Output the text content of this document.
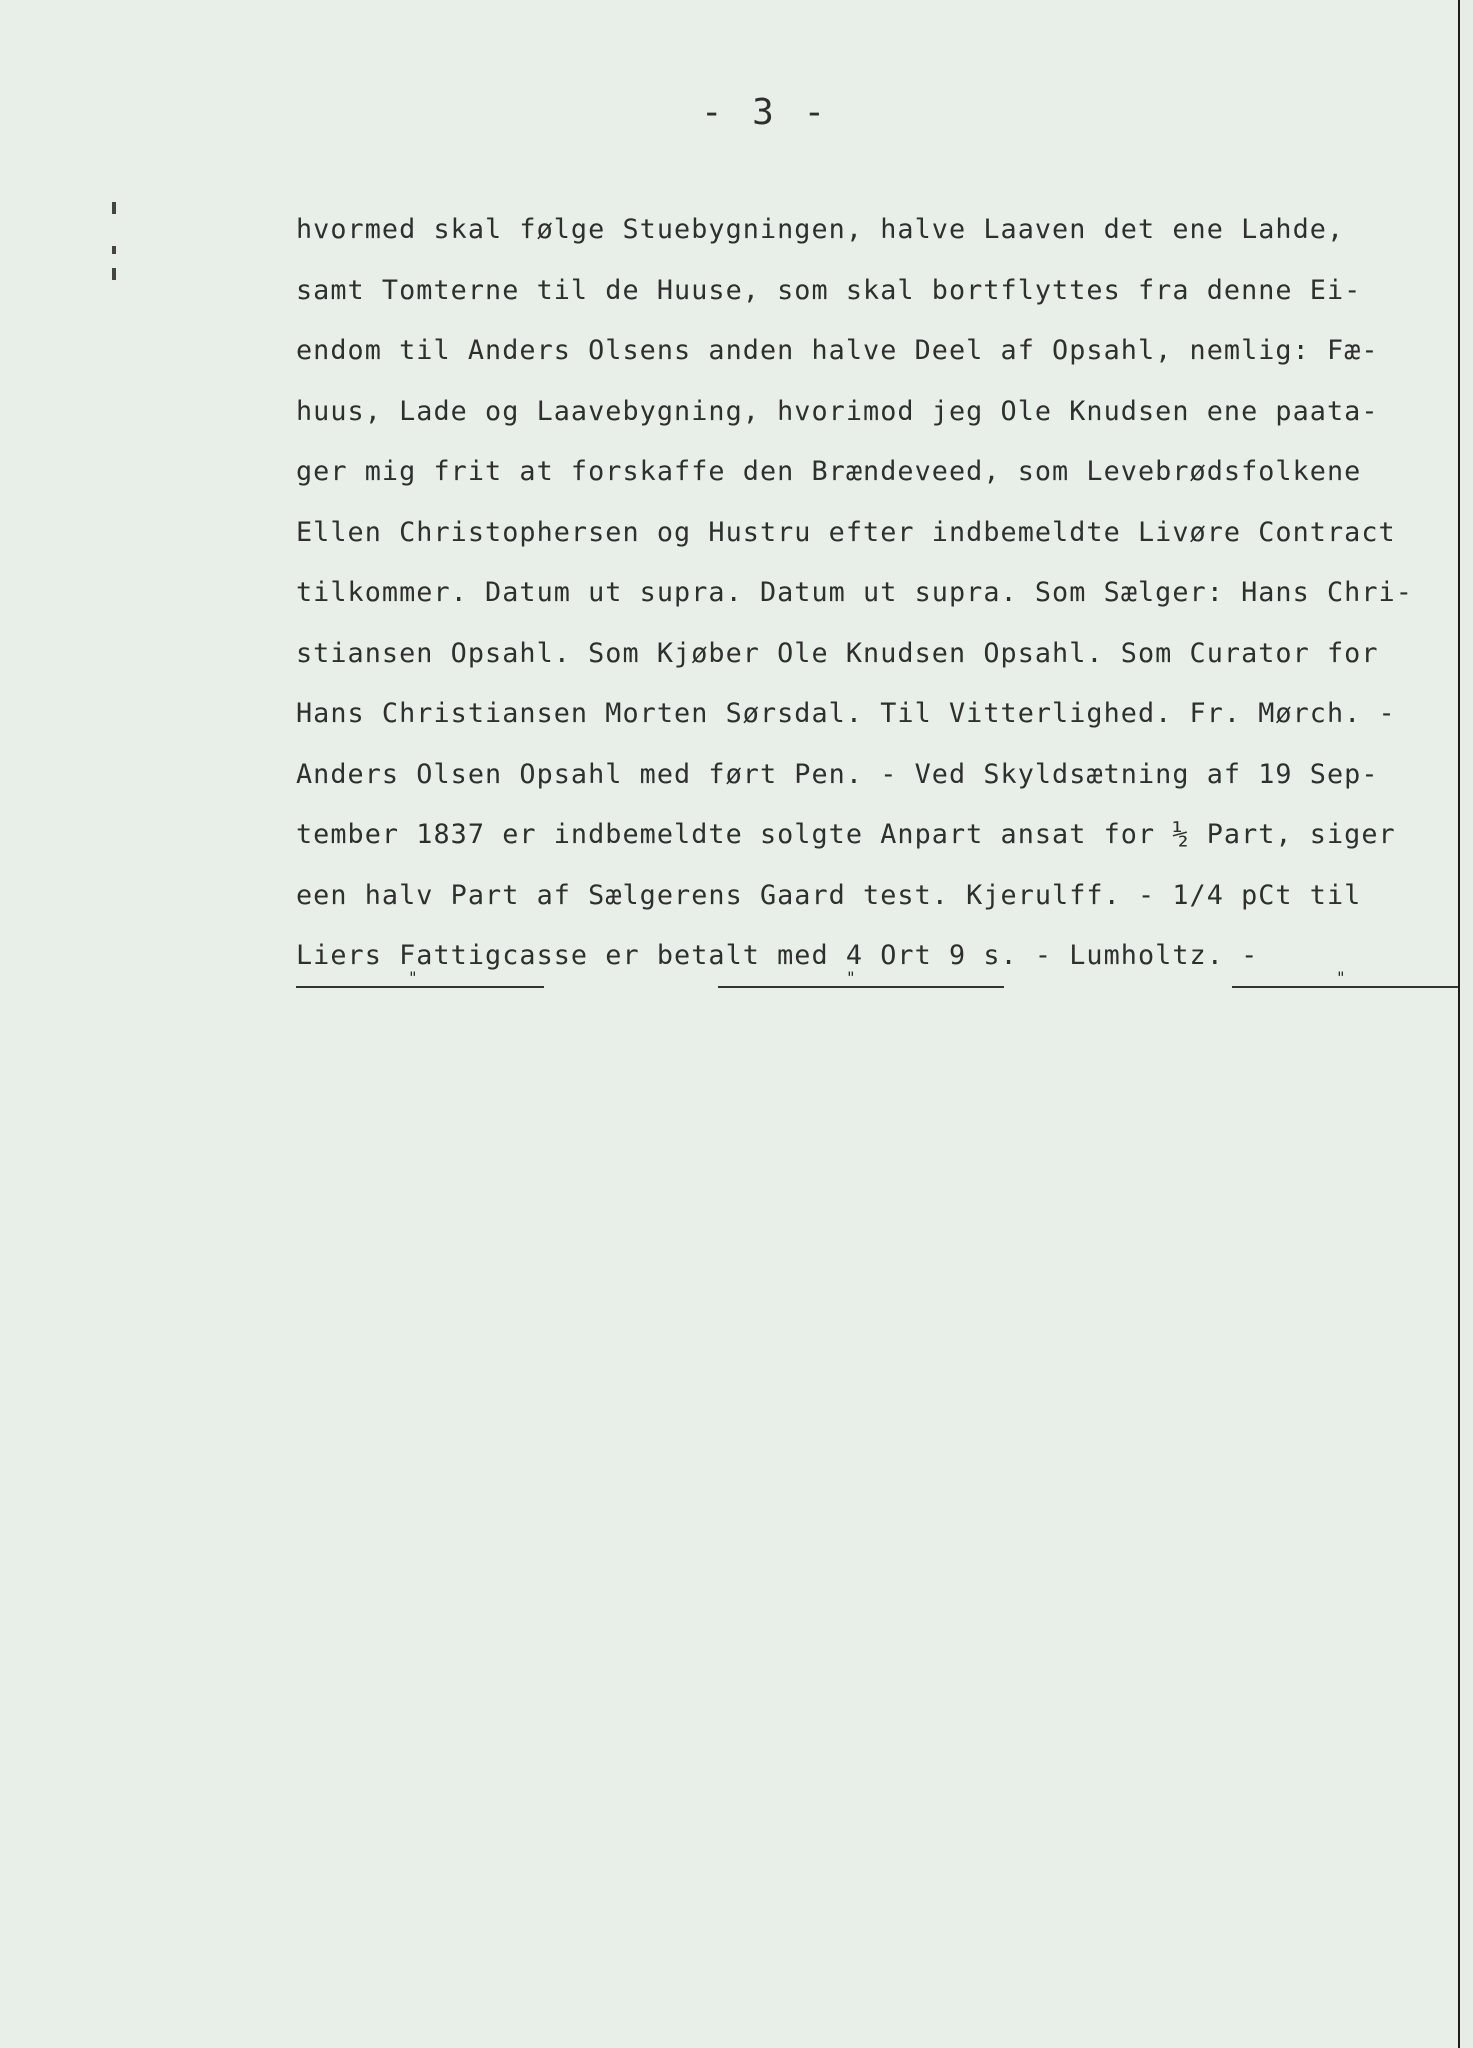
- 3 -
hvormed skal følge Stuebygningen, halve Laaven det ene Lahde,
samt Tomterne til de Huuse, som skal bortflyttes fra denne Ei-
endom til Anders Olsens anden halve Deel af Opsahl, nemlig: Fæ-
huus, Lade og Laavebygning, hvorimod jeg Ole Knudsen ene paata-
ger mig frit at forskaffe den Brændeveed, som Levebrødsfolkene
Ellen Christophersen og Hustru efter indbemeldte Livøre Contract
tilkommer. Datum ut supra. Datum ut supra. Som Sælger: Hans Chri-
stiansen Opsahl. Som Kjøber Ole Knudsen Opsahl. Som Curator for
Hans Christiansen Morten Sørsdal. Til Vitterlighed. Fr. Mørch. -
Anders Olsen Opsahl med ført Pen. - Ved Skyldsætning af 19 Sep-
tember 1837 er indbemeldte solgte Anpart ansat for ½ Part, siger
een halv Part af Sælgerens Gaard test. Kjerulff. - 1/4 pCt til
Liers Fattigcasse er betalt med 4 Ort 9 s. - Lumholtz. -
"	"	"
